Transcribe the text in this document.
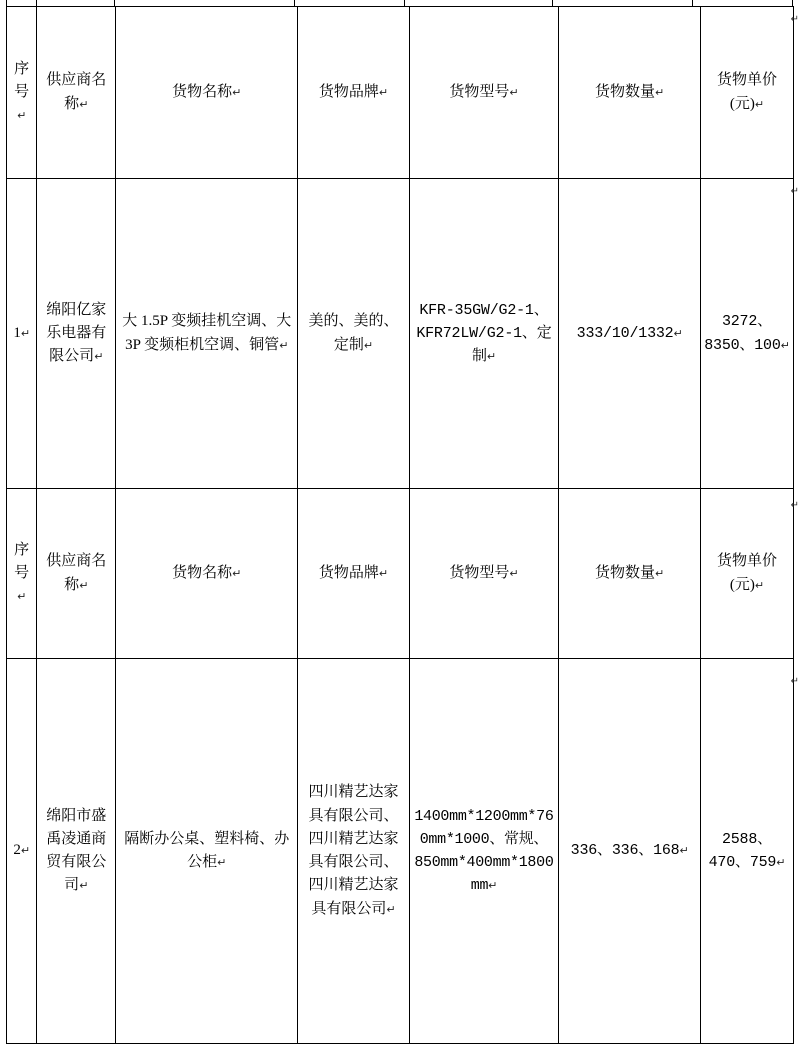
序号↵	供应商名称↵	货物名称↵	货物品牌↵	货物型号↵	货物数量↵	货物单价(元)↵
1↵	绵阳亿家乐电器有限公司↵	大 1.5P 变频挂机空调、大 3P 变频柜机空调、铜管↵	美的、美的、定制↵	KFR-35GW/G2-1、KFR72LW/G2-1、定制↵	333/10/1332↵	3272、8350、100↵
序号↵	供应商名称↵	货物名称↵	货物品牌↵	货物型号↵	货物数量↵	货物单价(元)↵
2↵	绵阳市盛禹凌通商贸有限公司↵	隔断办公桌、塑料椅、办公柜↵	四川精艺达家具有限公司、四川精艺达家具有限公司、四川精艺达家具有限公司↵	1400mm*1200mm*760mm*1000、常规、850mm*400mm*1800mm↵	336、336、168↵	2588、470、759↵
↵
↵
↵
↵
